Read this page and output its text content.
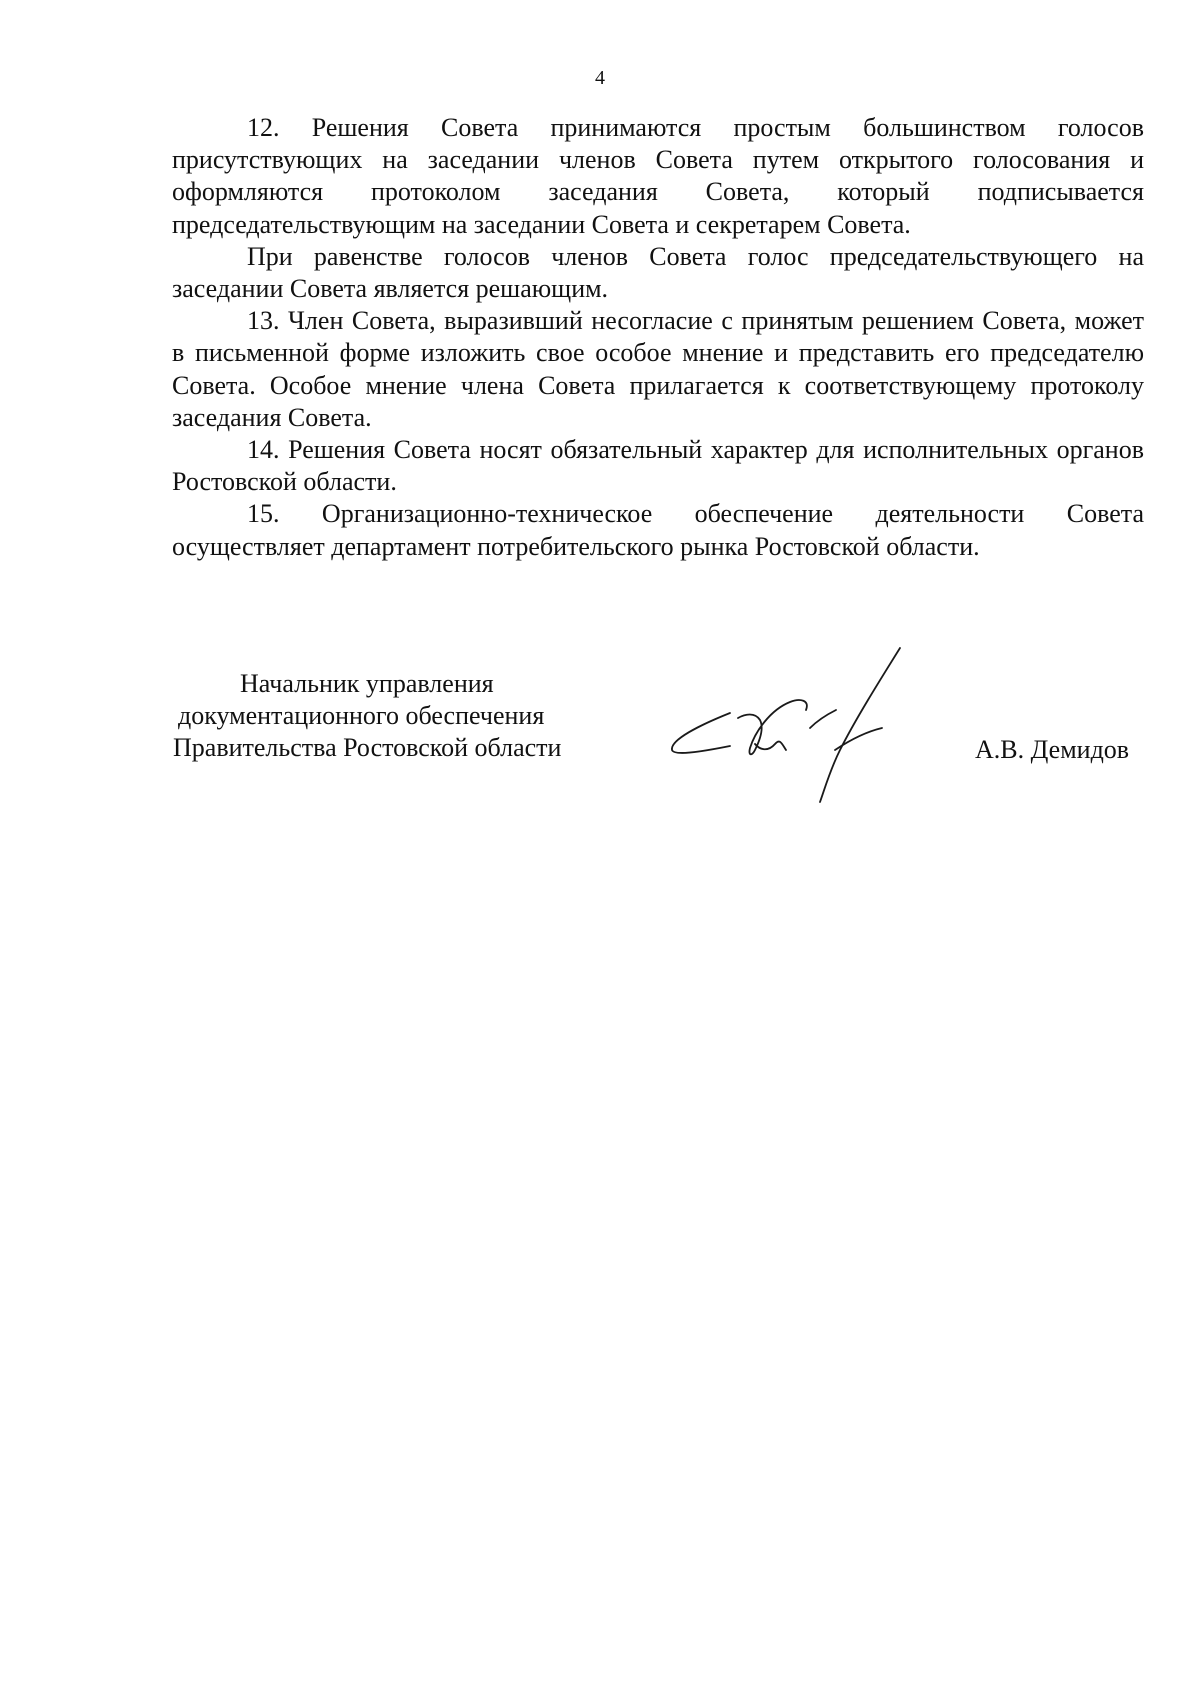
4

12. Решения Совета принимаются простым большинством голосов присутствующих на заседании членов Совета путем открытого голосования и оформляются протоколом заседания Совета, который подписывается председательствующим на заседании Совета и секретарем Совета.

При равенстве голосов членов Совета голос председательствующего на заседании Совета является решающим.

13. Член Совета, выразивший несогласие с принятым решением Совета, может в письменной форме изложить свое особое мнение и представить его председателю Совета. Особое мнение члена Совета прилагается к соответствующему протоколу заседания Совета.

14. Решения Совета носят обязательный характер для исполнительных органов Ростовской области.

15. Организационно-техническое обеспечение деятельности Совета осуществляет департамент потребительского рынка Ростовской области.

Начальник управления
документационного обеспечения
Правительства Ростовской области	А.В. Демидов
